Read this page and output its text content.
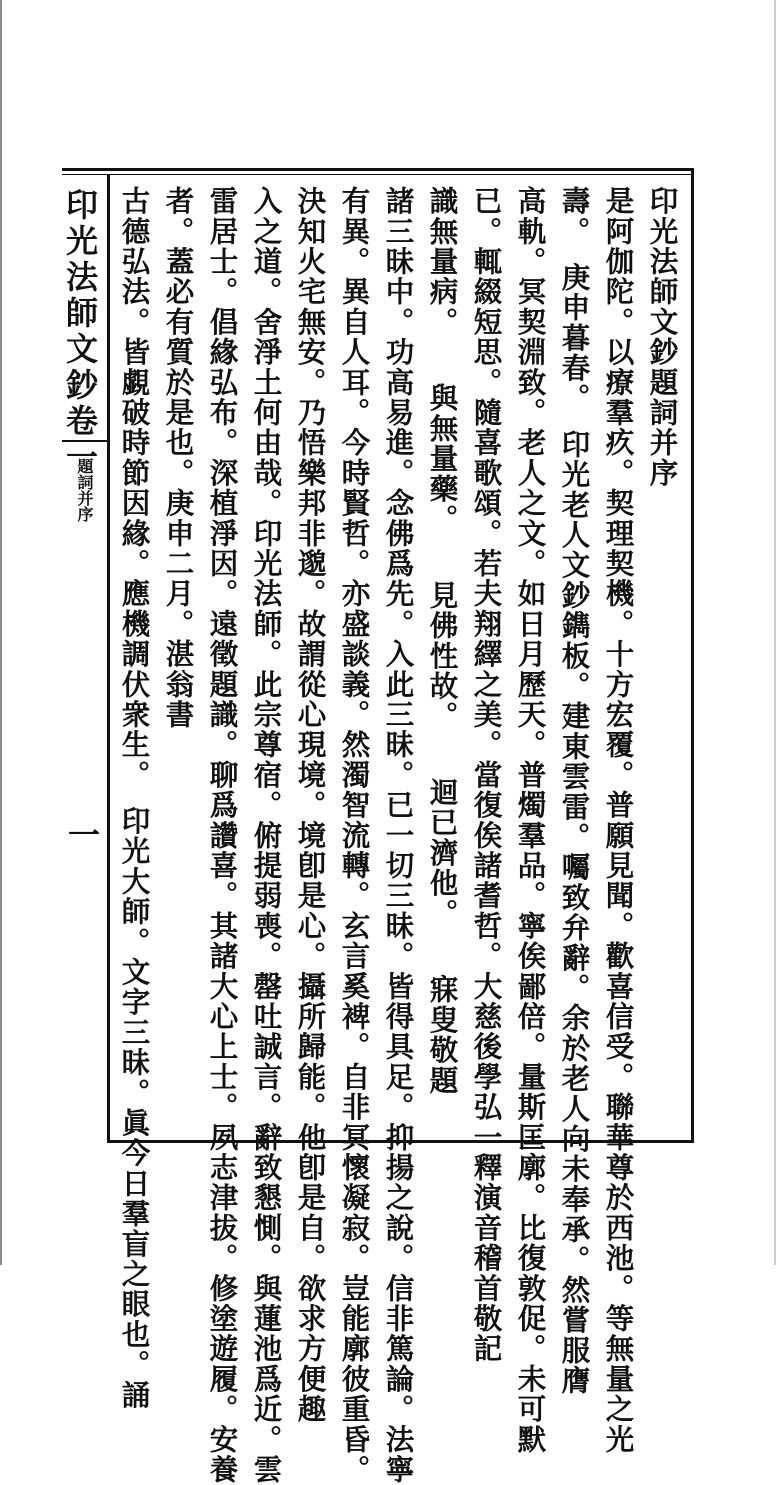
印光法師文鈔卷一
題詞并序
一
印光法師文鈔題詞并序
是阿伽陀。以療羣疚。契理契機。十方宏覆。普願見聞。歡喜信受。聯華尊於西池。等無量之光
壽。　庚申暮春。　印光老人文鈔鐫板。建東雲雷。囑致弁辭。余於老人向未奉承。然嘗服膺
高軌。冥契淵致。老人之文。如日月歷天。普燭羣品。寧俟鄙倍。量斯匡廓。比復敦促。未可默
已。輒綴短思。隨喜歌頌。若夫翔繹之美。當復俟諸耆哲。大慈後學弘一釋演音稽首敬記
識無量病。　　與無量藥。　　見佛性故。　　迴已濟他。　　寐叟敬題
諸三昧中。功高易進。念佛爲先。入此三昧。已一切三昧。皆得具足。抑揚之說。信非篤論。法寧
有異。異自人耳。今時賢哲。亦盛談義。然濁智流轉。玄言奚裨。自非冥懷凝寂。豈能廓彼重昏。
決知火宅無安。乃悟樂邦非邈。故謂從心現境。境卽是心。攝所歸能。他卽是自。欲求方便趣
入之道。舍淨土何由哉。印光法師。此宗尊宿。俯提弱喪。罄吐誠言。辭致懇惻。與蓮池爲近。雲
雷居士。倡緣弘布。深植淨因。遠徵題識。聊爲讚喜。其諸大心上士。夙志津拔。修塗遊履。安養
者。蓋必有質於是也。庚申二月。湛翁書
古德弘法。皆覷破時節因緣。應機調伏衆生。　印光大師。文字三昧。眞今日羣盲之眼也。誦
